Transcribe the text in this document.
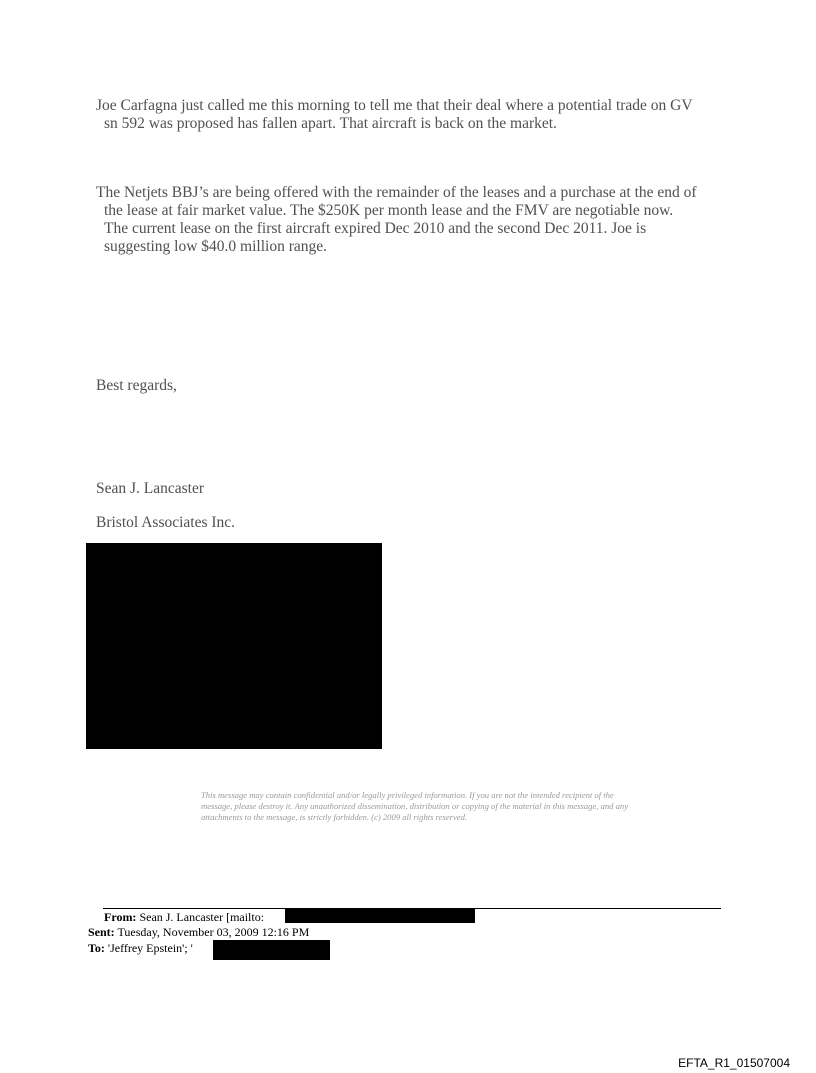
Joe Carfagna just called me this morning to tell me that their deal where a potential trade on GV
sn 592 was proposed has fallen apart. That aircraft is back on the market.
The Netjets BBJ’s are being offered with the remainder of the leases and a purchase at the end of
the lease at fair market value. The $250K per month lease and the FMV are negotiable now.
The current lease on the first aircraft expired Dec 2010 and the second Dec 2011. Joe is
suggesting low $40.0 million range.
Best regards,
Sean J. Lancaster
Bristol Associates Inc.
This message may contain confidential and/or legally privileged information. If you are not the intended recipient of the
message, please destroy it. Any unauthorized dissemination, distribution or copying of the material in this message, and any
attachments to the message, is strictly forbidden. (c) 2009 all rights reserved.
From: Sean J. Lancaster [mailto:
Sent: Tuesday, November 03, 2009 12:16 PM
To: 'Jeffrey Epstein'; '
EFTA_R1_01507004
